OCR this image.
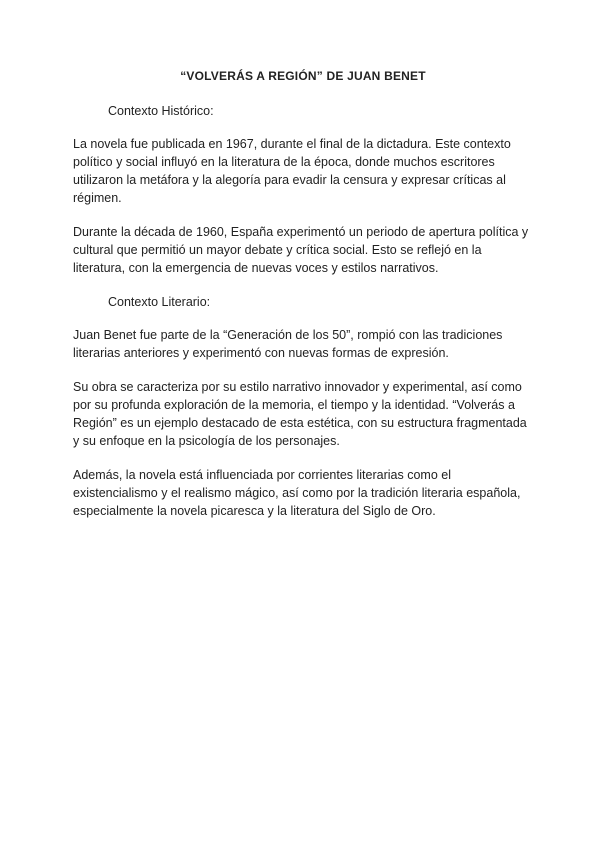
“VOLVERÁS A REGIÓN” DE JUAN BENET
Contexto Histórico:

La novela fue publicada en 1967, durante el final de la dictadura. Este contexto político y social influyó en la literatura de la época, donde muchos escritores utilizaron la metáfora y la alegoría para evadir la censura y expresar críticas al régimen.

Durante la década de 1960, España experimentó un periodo de apertura política y cultural que permitió un mayor debate y crítica social. Esto se reflejó en la literatura, con la emergencia de nuevas voces y estilos narrativos.

Contexto Literario:

Juan Benet fue parte de la “Generación de los 50”, rompió con las tradiciones literarias anteriores y experimentó con nuevas formas de expresión.

Su obra se caracteriza por su estilo narrativo innovador y experimental, así como por su profunda exploración de la memoria, el tiempo y la identidad. “Volverás a Región” es un ejemplo destacado de esta estética, con su estructura fragmentada y su enfoque en la psicología de los personajes.

Además, la novela está influenciada por corrientes literarias como el existencialismo y el realismo mágico, así como por la tradición literaria española, especialmente la novela picaresca y la literatura del Siglo de Oro.
